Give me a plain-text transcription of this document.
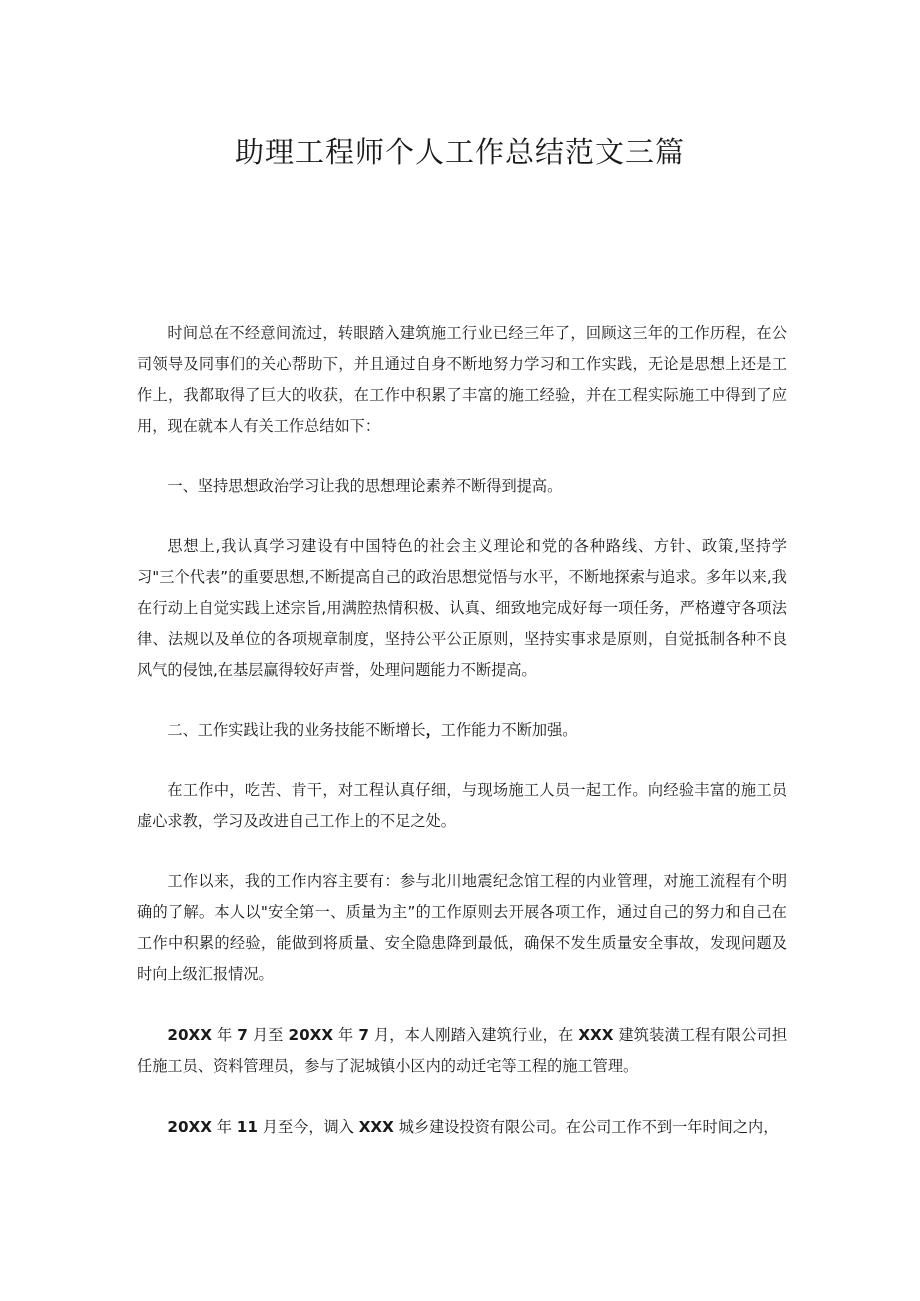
助理工程师个人工作总结范文三篇

时间总在不经意间流过，转眼踏入建筑施工行业已经三年了，回顾这三年的工作历程，在公司领导及同事们的关心帮助下，并且通过自身不断地努力学习和工作实践，无论是思想上还是工作上，我都取得了巨大的收获，在工作中积累了丰富的施工经验，并在工程实际施工中得到了应用，现在就本人有关工作总结如下：

一、坚持思想政治学习让我的思想理论素养不断得到提高。

思想上,我认真学习建设有中国特色的社会主义理论和党的各种路线、方针、政策,坚持学习"三个代表”的重要思想,不断提高自己的政治思想觉悟与水平，不断地探索与追求。多年以来,我在行动上自觉实践上述宗旨,用满腔热情积极、认真、细致地完成好每一项任务，严格遵守各项法律、法规以及单位的各项规章制度，坚持公平公正原则，坚持实事求是原则，自觉抵制各种不良风气的侵蚀,在基层赢得较好声誉，处理问题能力不断提高。

二、工作实践让我的业务技能不断增长，工作能力不断加强。

在工作中，吃苦、肯干，对工程认真仔细，与现场施工人员一起工作。向经验丰富的施工员虚心求教，学习及改进自己工作上的不足之处。

工作以来，我的工作内容主要有：参与北川地震纪念馆工程的内业管理，对施工流程有个明确的了解。本人以"安全第一、质量为主”的工作原则去开展各项工作，通过自己的努力和自己在工作中积累的经验，能做到将质量、安全隐患降到最低，确保不发生质量安全事故，发现问题及时向上级汇报情况。

20XX 年 7 月至 20XX 年 7 月，本人刚踏入建筑行业，在 XXX 建筑装潢工程有限公司担任施工员、资料管理员，参与了泥城镇小区内的动迁宅等工程的施工管理。

20XX 年 11 月至今，调入 XXX 城乡建设投资有限公司。在公司工作不到一年时间之内，
